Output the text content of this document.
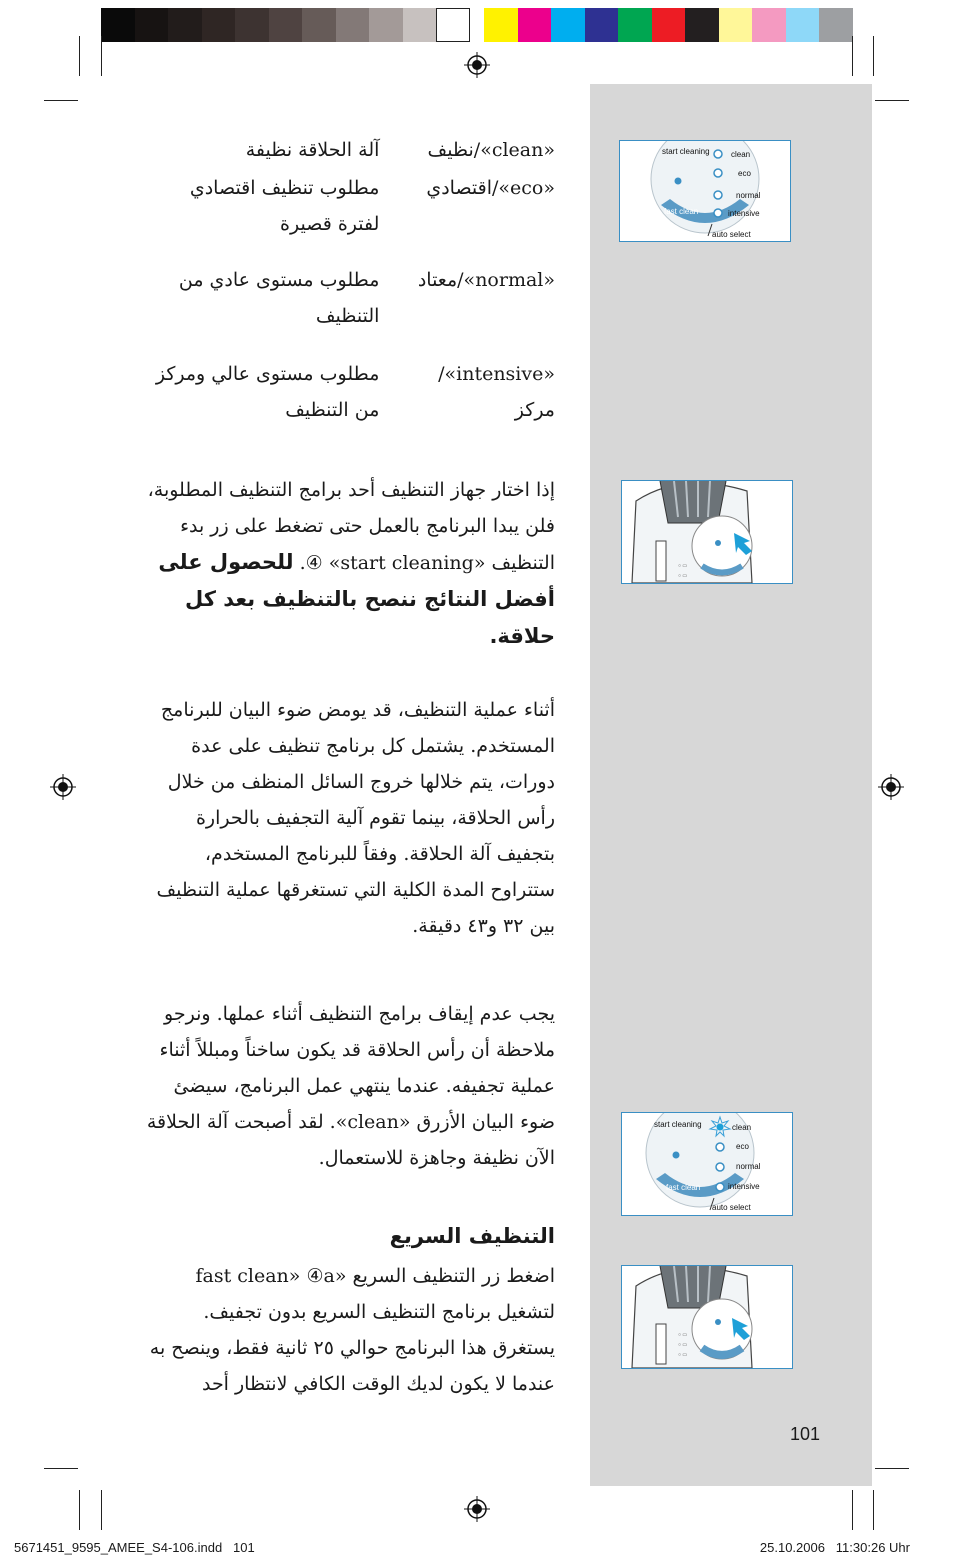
«clean»/نظيف
آلة الحلاقة نظيفة
«eco»/اقتصادي
مطلوب تنظيف اقتصادي لفترة قصيرة
«normal»/معتاد
مطلوب مستوى عادي من التنظيف
«intensive»/مركز
مطلوب مستوى عالي ومركز من التنظيف
إذا اختار جهاز التنظيف أحد برامج التنظيف المطلوبة، فلن يبدا البرنامج بالعمل حتى تضغط على زر بدء التنظيف «start cleaning» ④. للحصول على أفضل النتائج ننصح بالتنظيف بعد كل حلاقة.
أثناء عملية التنظيف، قد يومض ضوء البيان للبرنامج المستخدم. يشتمل كل برنامج تنظيف على عدة دورات، يتم خلالها خروج السائل المنظف من خلال رأس الحلاقة، بينما تقوم آلية التجفيف بالحرارة بتجفيف آلة الحلاقة. وفقاً للبرنامج المستخدم، ستتراوح المدة الكلية التي تستغرقها عملية التنظيف بين ٣٢ و٤٣ دقيقة.
يجب عدم إيقاف برامج التنظيف أثناء عملها. ونرجو ملاحظة أن رأس الحلاقة قد يكون ساخناً ومبللاً أثناء عملية تجفيفه. عندما ينتهي عمل البرنامج، سيضئ ضوء البيان الأزرق «clean». لقد أصبحت آلة الحلاقة الآن نظيفة وجاهزة للاستعمال.
التنظيف السريع
اضغط زر التنظيف السريع «fast clean» ④a لتشغيل برنامج التنظيف السريع بدون تجفيف. يستغرق هذا البرنامج حوالي ٢٥ ثانية فقط، وينصح به عندما لا يكون لديك الوقت الكافي لانتظار أحد
start cleaning
fast clean
clean
eco
normal
intensive
auto select
○ ▭
○ ▭
start cleaning
fast clean
clean
eco
normal
intensive
auto select
○ ▭
○ ▭
○ ▭
101
5671451_9595_AMEE_S4-106.indd   101	25.10.2006   11:30:26 Uhr
